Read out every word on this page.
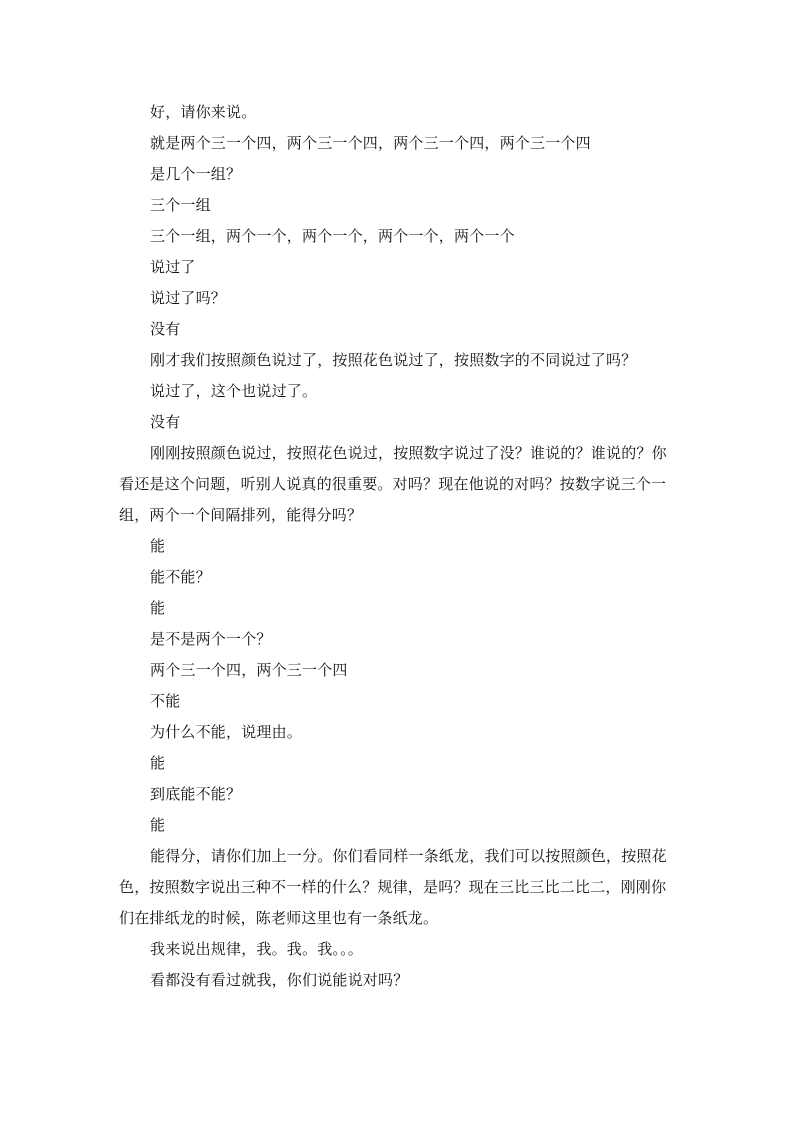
好，请你来说。

就是两个三一个四，两个三一个四，两个三一个四，两个三一个四

是几个一组？

三个一组

三个一组，两个一个，两个一个，两个一个，两个一个

说过了

说过了吗？

没有

刚才我们按照颜色说过了，按照花色说过了，按照数字的不同说过了吗？

说过了，这个也说过了。

没有

刚刚按照颜色说过，按照花色说过，按照数字说过了没？谁说的？谁说的？你看还是这个问题，听别人说真的很重要。对吗？现在他说的对吗？按数字说三个一组，两个一个间隔排列，能得分吗？

能

能不能？

能

是不是两个一个？

两个三一个四，两个三一个四

不能

为什么不能，说理由。

能

到底能不能？

能

能得分，请你们加上一分。你们看同样一条纸龙，我们可以按照颜色，按照花色，按照数字说出三种不一样的什么？规律，是吗？现在三比三比二比二，刚刚你们在排纸龙的时候，陈老师这里也有一条纸龙。

我来说出规律，我。我。我。。。

看都没有看过就我，你们说能说对吗？
